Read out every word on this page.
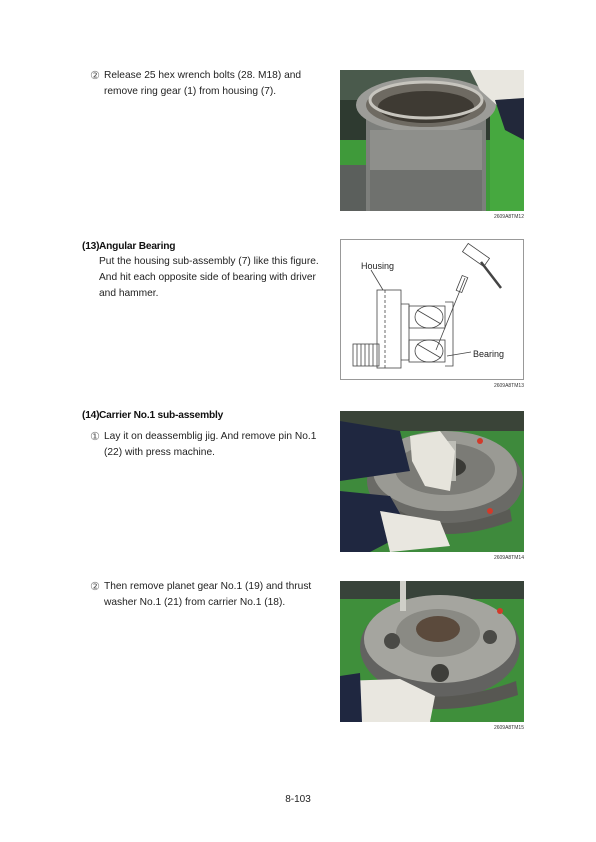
② Release 25 hex wrench bolts (28. M18) and
remove ring gear (1) from housing (7).
2609A8TM12
(13) Angular Bearing
Put the housing sub-assembly (7) like this figure.
And hit each opposite side of bearing with driver
and hammer.
Housing
Bearing
2609A8TM13
(14) Carrier No.1 sub-assembly
① Lay it on deassemblig jig. And remove pin No.1
(22) with press machine.
2609A8TM14
② Then remove planet gear No.1 (19) and thrust
washer No.1 (21) from carrier No.1 (18).
2609A8TM15
8-103
